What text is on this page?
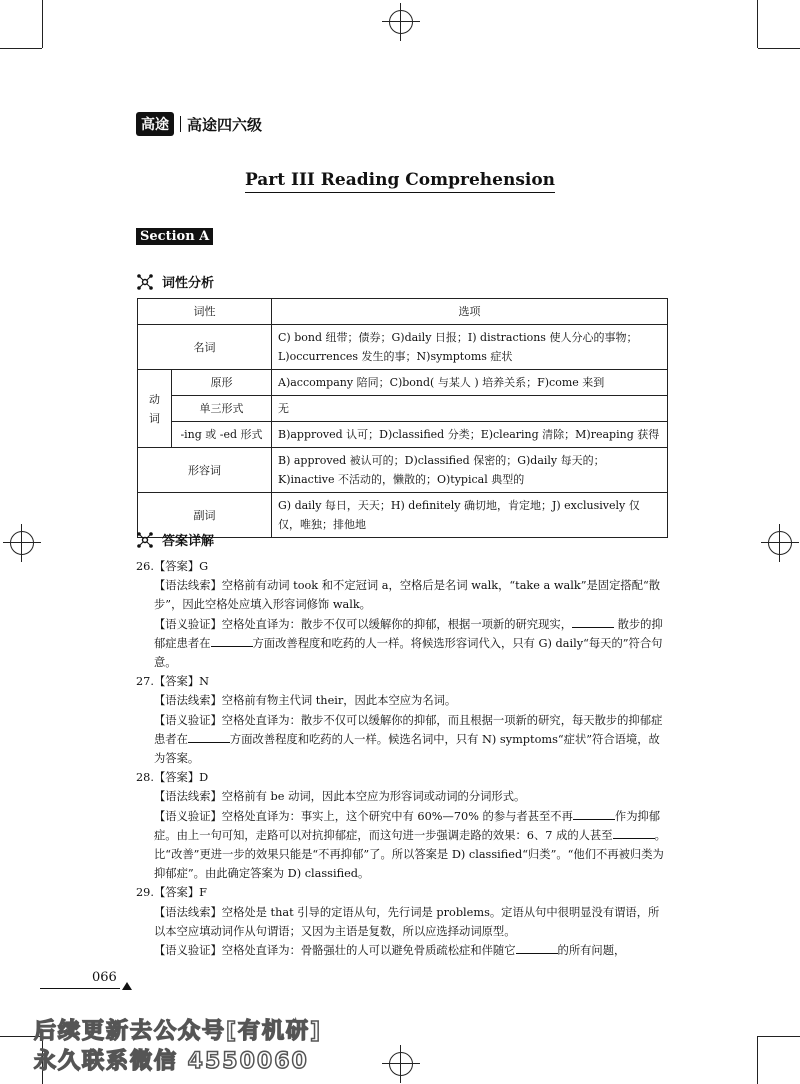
高途	高途四六级
Part III Reading Comprehension
Section A
词性分析
词性		选项
名词		C) bond 纽带；债券；G)daily 日报；I) distractions 使人分心的事物；L)occurrences 发生的事；N)symptoms 症状
动词	原形	A)accompany 陪同；C)bond( 与某人 ) 培养关系；F)come 来到
	单三形式	无
	-ing 或 -ed 形式	B)approved 认可；D)classified 分类；E)clearing 清除；M)reaping 获得
形容词		B) approved 被认可的；D)classified 保密的；G)daily 每天的；K)inactive 不活动的，懒散的；O)typical 典型的
副词		G) daily 每日，天天；H) definitely 确切地，肯定地；J) exclusively 仅仅，唯独；排他地
答案详解
26.【答案】G
【语法线索】空格前有动词 took 和不定冠词 a，空格后是名词 walk，“take a walk”是固定搭配“散步”，因此空格处应填入形容词修饰 walk。
【语义验证】空格处直译为：散步不仅可以缓解你的抑郁，根据一项新的研究现实，	散步的抑郁症患者在	方面改善程度和吃药的人一样。将候选形容词代入，只有 G) daily“每天的”符合句意。
27.【答案】N
【语法线索】空格前有物主代词 their，因此本空应为名词。
【语义验证】空格处直译为：散步不仅可以缓解你的抑郁，而且根据一项新的研究，每天散步的抑郁症患者在	方面改善程度和吃药的人一样。候选名词中，只有 N) symptoms“症状”符合语境，故为答案。
28.【答案】D
【语法线索】空格前有 be 动词，因此本空应为形容词或动词的分词形式。
【语义验证】空格处直译为：事实上，这个研究中有 60%—70% 的参与者甚至不再	作为抑郁症。由上一句可知，走路可以对抗抑郁症，而这句进一步强调走路的效果：6、7 成的人甚至	。比“改善”更进一步的效果只能是“不再抑郁”了。所以答案是 D) classified“归类”。“他们不再被归类为抑郁症”。由此确定答案为 D) classified。
29.【答案】F
【语法线索】空格处是 that 引导的定语从句，先行词是 problems。定语从句中很明显没有谓语，所以本空应填动词作从句谓语；又因为主语是复数，所以应选择动词原型。
【语义验证】空格处直译为：骨骼强壮的人可以避免骨质疏松症和伴随它	的所有问题，
066
后续更新去公众号[有机研]
永久联系微信 4550060
